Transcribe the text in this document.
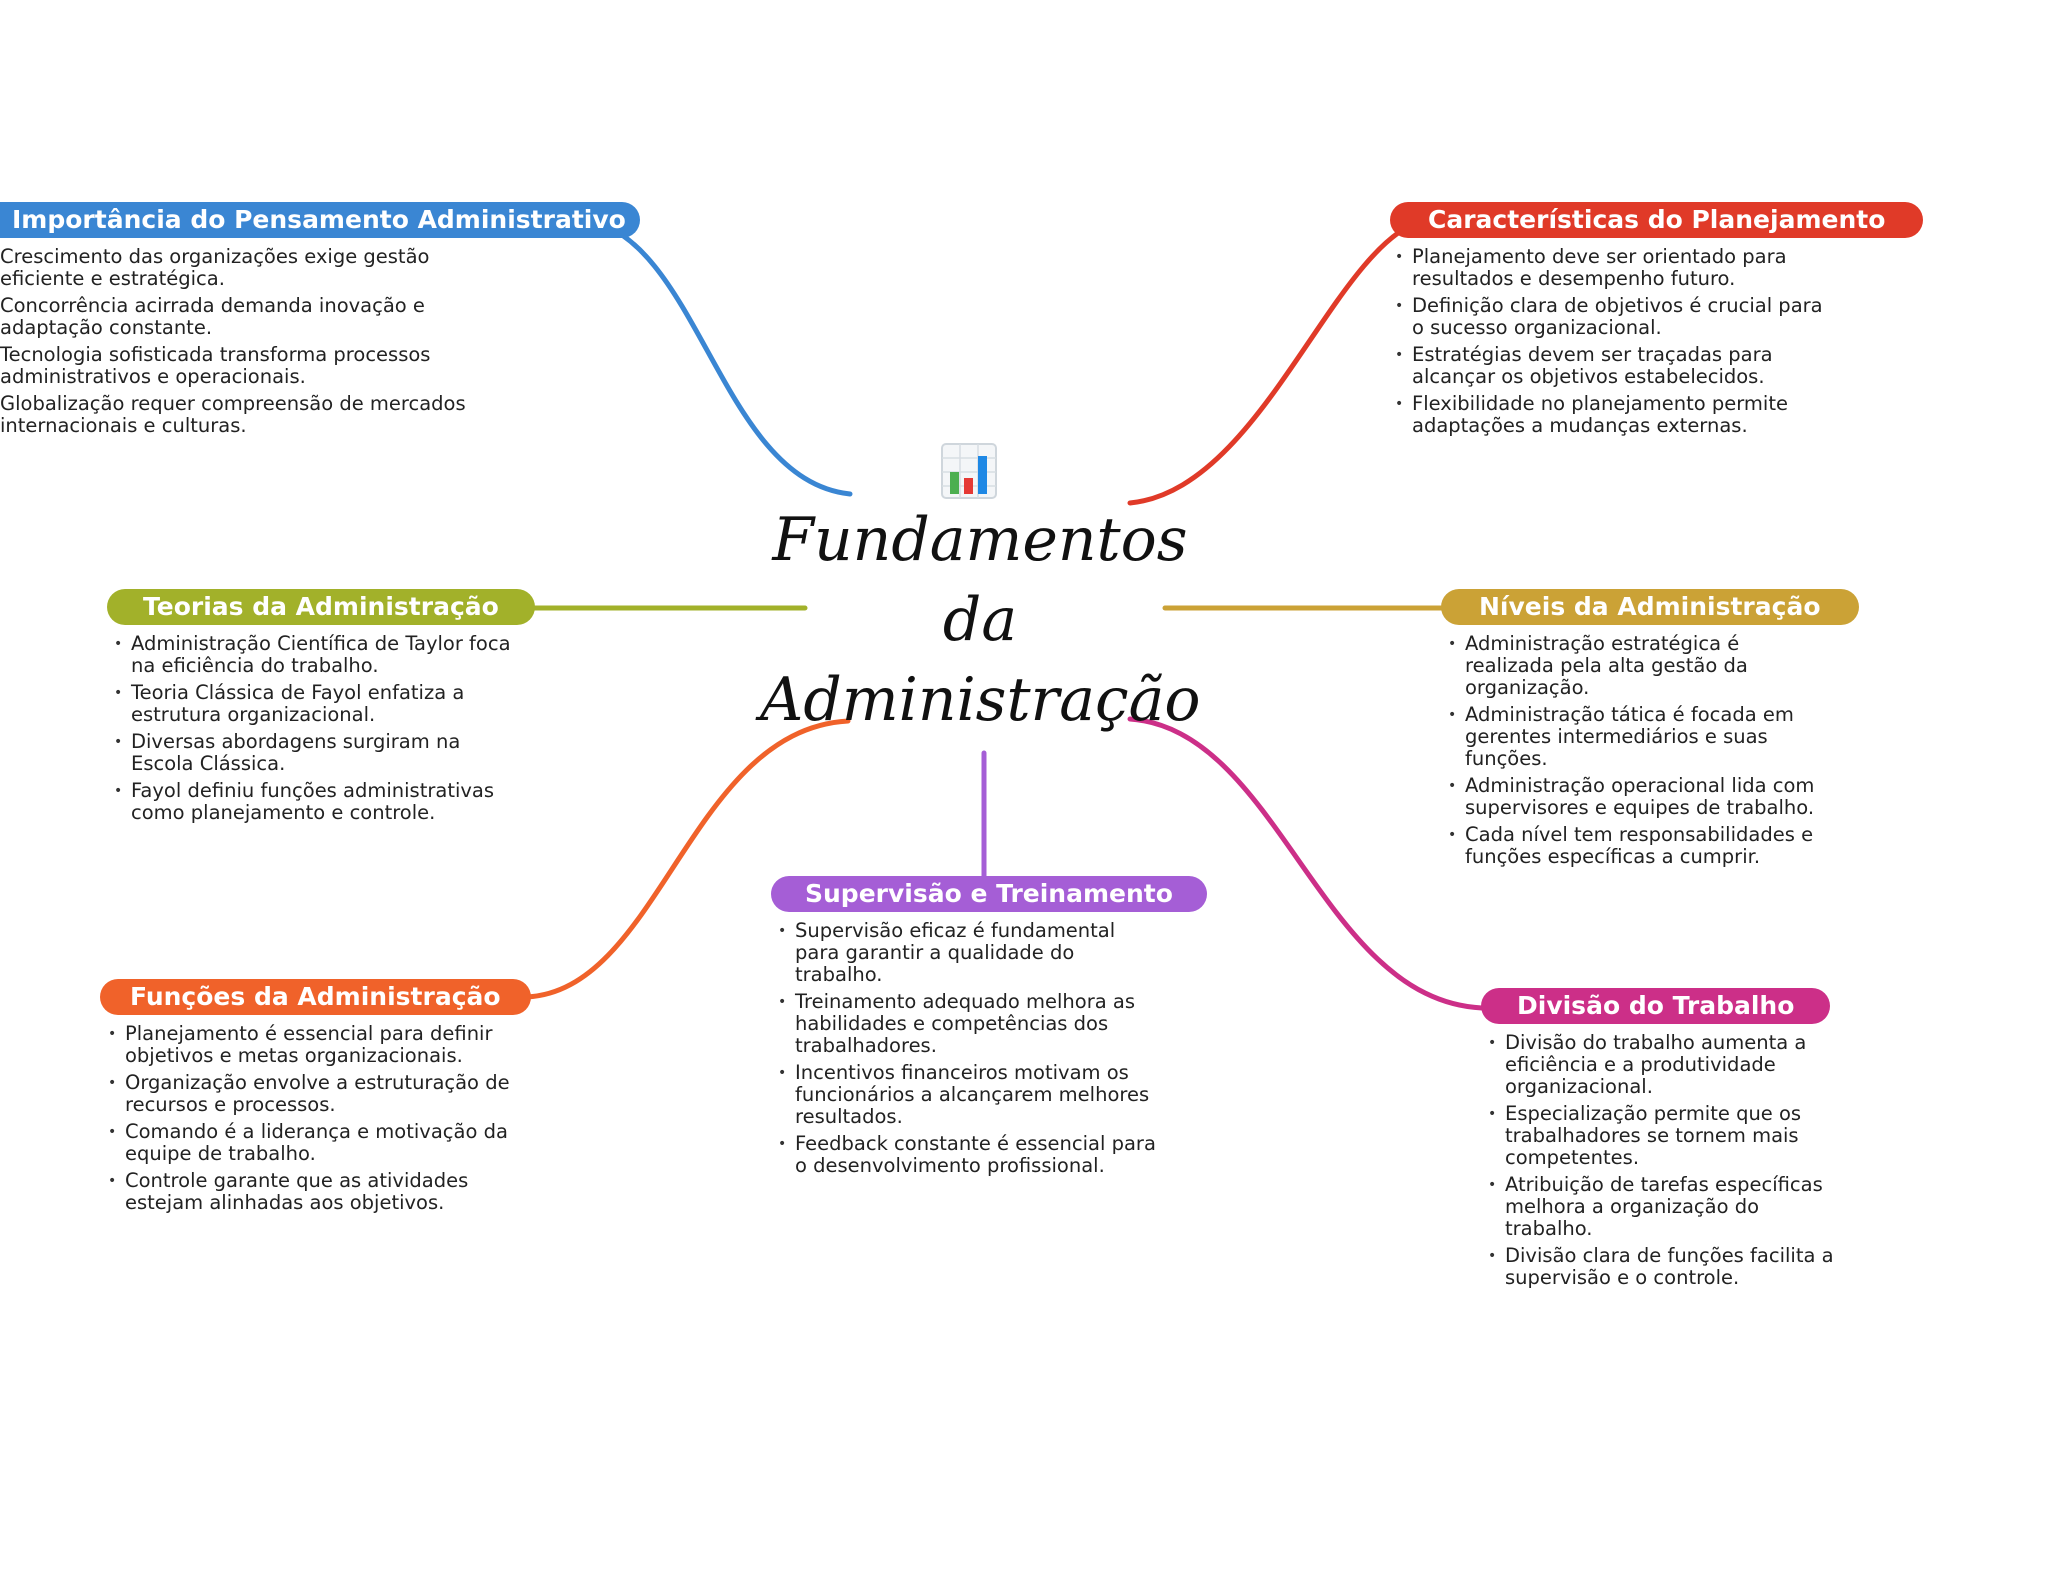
Fundamentos
da
Administração
Importância do Pensamento Administrativo
Crescimento das organizações exige gestão eficiente e estratégica.
Concorrência acirrada demanda inovação e adaptação constante.
Tecnologia sofisticada transforma processos administrativos e operacionais.
Globalização requer compreensão de mercados internacionais e culturas.
Características do Planejamento
• Planejamento deve ser orientado para resultados e desempenho futuro.
• Definição clara de objetivos é crucial para o sucesso organizacional.
• Estratégias devem ser traçadas para alcançar os objetivos estabelecidos.
• Flexibilidade no planejamento permite adaptações a mudanças externas.
Teorias da Administração
• Administração Científica de Taylor foca na eficiência do trabalho.
• Teoria Clássica de Fayol enfatiza a estrutura organizacional.
• Diversas abordagens surgiram na Escola Clássica.
• Fayol definiu funções administrativas como planejamento e controle.
Níveis da Administração
• Administração estratégica é realizada pela alta gestão da organização.
• Administração tática é focada em gerentes intermediários e suas funções.
• Administração operacional lida com supervisores e equipes de trabalho.
• Cada nível tem responsabilidades e funções específicas a cumprir.
Supervisão e Treinamento
• Supervisão eficaz é fundamental para garantir a qualidade do trabalho.
• Treinamento adequado melhora as habilidades e competências dos trabalhadores.
• Incentivos financeiros motivam os funcionários a alcançarem melhores resultados.
• Feedback constante é essencial para o desenvolvimento profissional.
Funções da Administração
• Planejamento é essencial para definir objetivos e metas organizacionais.
• Organização envolve a estruturação de recursos e processos.
• Comando é a liderança e motivação da equipe de trabalho.
• Controle garante que as atividades estejam alinhadas aos objetivos.
Divisão do Trabalho
• Divisão do trabalho aumenta a eficiência e a produtividade organizacional.
• Especialização permite que os trabalhadores se tornem mais competentes.
• Atribuição de tarefas específicas melhora a organização do trabalho.
• Divisão clara de funções facilita a supervisão e o controle.
